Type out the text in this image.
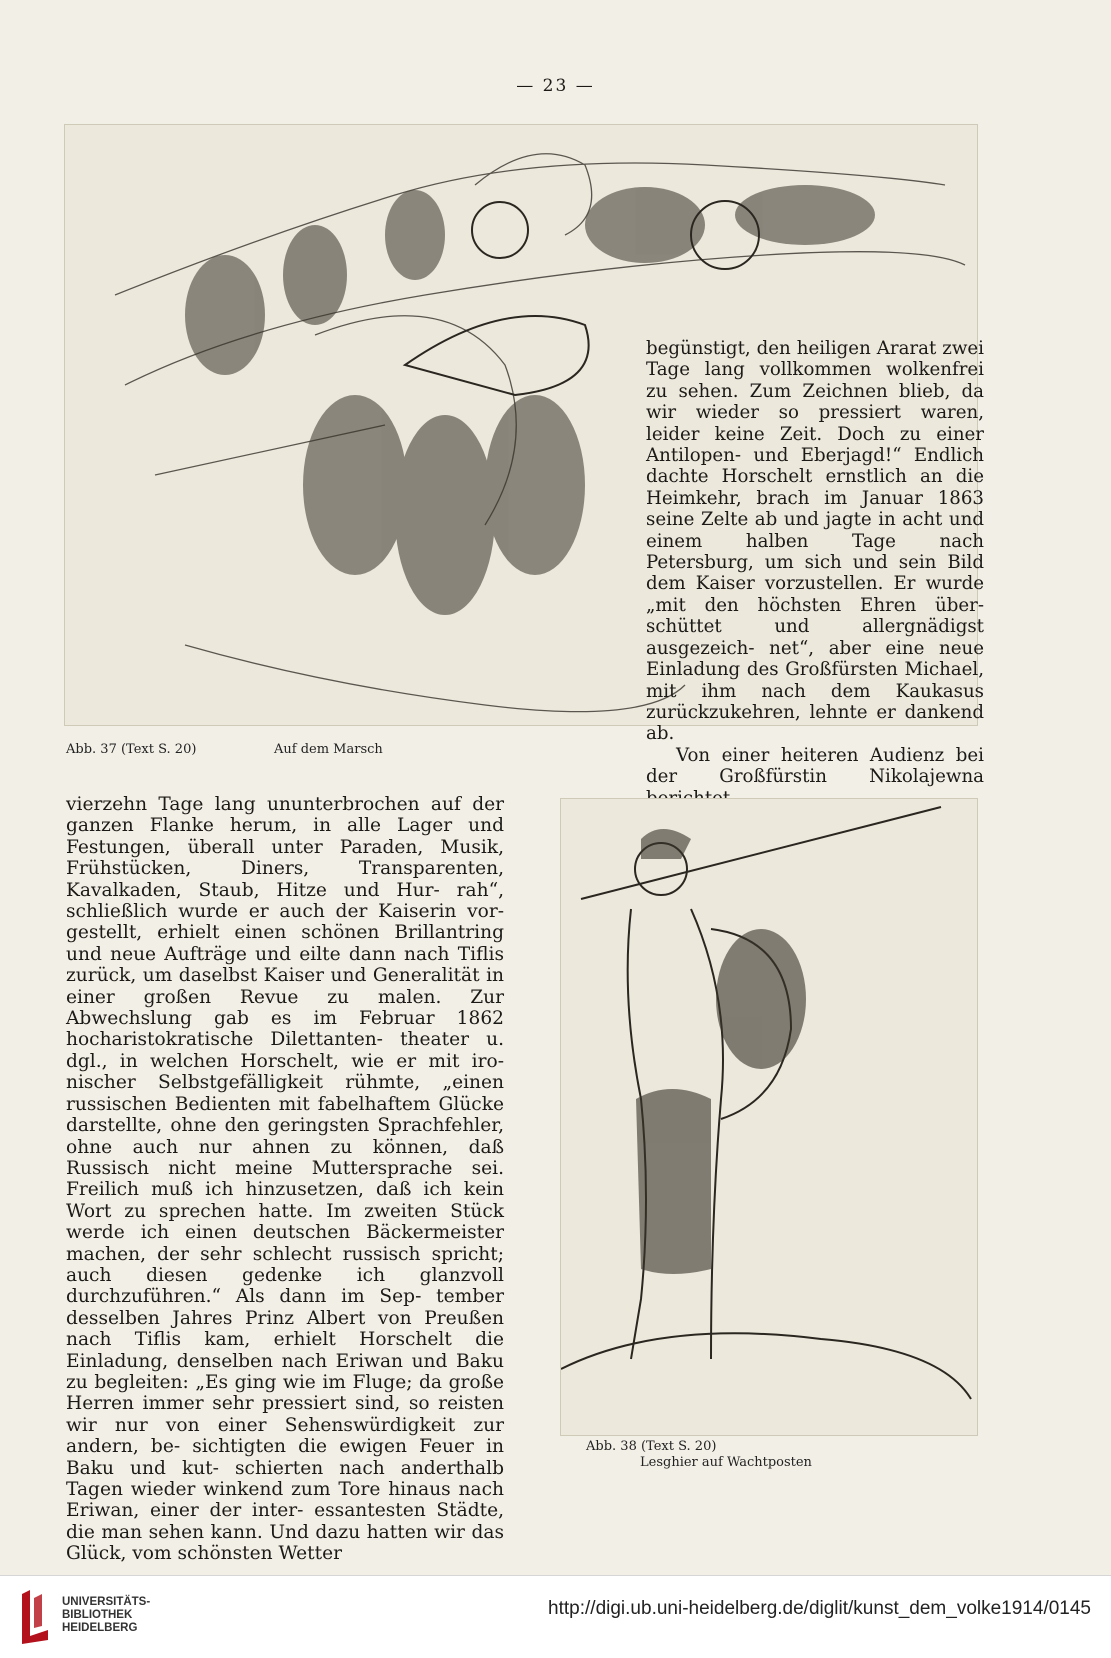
— 23 —
Abb. 37 (Text S. 20)	Auf dem Marsch

begünstigt, den heiligen Ararat zwei Tage lang vollkommen wolkenfrei zu sehen. Zum Zeichnen blieb, da wir wieder so pressiert waren, leider keine Zeit. Doch zu einer Antilopen- und Eberjagd!“ Endlich dachte Horschelt ernstlich an die Heimkehr, brach im Januar 1863 seine Zelte ab und jagte in acht und einem halben Tage nach Petersburg, um sich und sein Bild dem Kaiser vorzustellen. Er wurde „mit den höchsten Ehren über- schüttet und allergnädigst ausgezeich- net“, aber eine neue Einladung des Großfürsten Michael, mit ihm nach dem Kaukasus zurückzukehren, lehnte er dankend ab.

Von einer heiteren Audienz bei der Großfürstin Nikolajewna

vierzehn Tage lang ununterbrochen auf der ganzen Flanke herum, in alle Lager und Festungen, überall unter Paraden, Musik, Frühstücken, Diners, Transparenten, Kavalkaden, Staub, Hitze und Hur- rah“, schließlich wurde er auch der Kaiserin vor- gestellt, erhielt einen schönen Brillantring und neue Aufträge und eilte dann nach Tiflis zurück, um daselbst Kaiser und Generalität in einer großen Revue zu malen. Zur Abwechslung gab es im Februar 1862 hocharistokratische Dilettanten- theater u. dgl., in welchen Horschelt, wie er mit iro- nischer Selbstgefälligkeit rühmte, „einen russischen Bedienten mit fabelhaftem Glücke darstellte, ohne den geringsten Sprachfehler, ohne auch nur ahnen zu können, daß Russisch nicht meine Muttersprache sei. Freilich muß ich hinzusetzen, daß ich kein Wort zu sprechen hatte. Im zweiten Stück werde ich einen deutschen Bäckermeister machen, der sehr schlecht russisch spricht; auch diesen gedenke ich glanzvoll durchzuführen.“ Als dann im Sep- tember desselben Jahres Prinz Albert von Preußen nach Tiflis kam, erhielt Horschelt die Einladung, denselben nach Eriwan und Baku zu begleiten: „Es ging wie im Fluge; da große Herren immer sehr pressiert sind, so reisten wir nur von einer Sehenswürdigkeit zur andern, be- sichtigten die ewigen Feuer in Baku und kut- schierten nach anderthalb Tagen wieder winkend zum Tore hinaus nach Eriwan, einer der inter- essantesten Städte, die man sehen kann. Und dazu hatten wir das Glück, vom schönsten Wetter

Abb. 38 (Text S. 20)
Lesghier auf Wachtposten
UNIVERSITÄTS-
BIBLIOTHEK
HEIDELBERG
http://digi.ub.uni-heidelberg.de/diglit/kunst_dem_volke1914/0145
